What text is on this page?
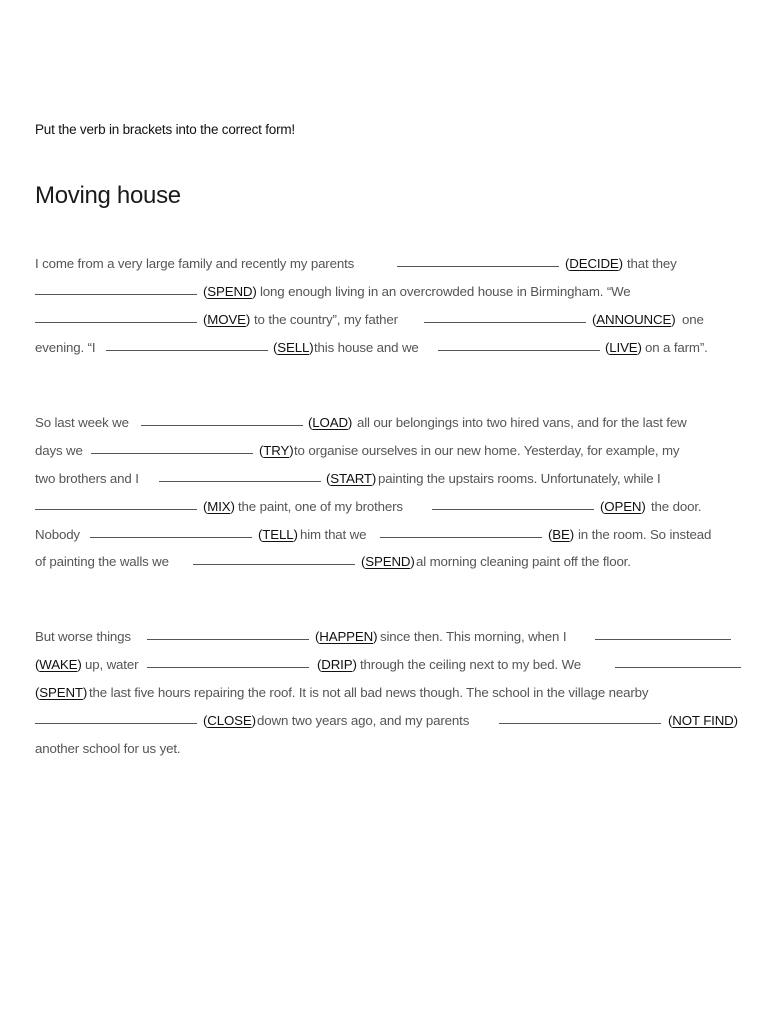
Put the verb in brackets into the correct form!
Moving house
I come from a very large family and recently my parents	(DECIDE) that they
(SPEND) long enough living in an overcrowded house in Birmingham. “We
(MOVE) to the country”, my father	(ANNOUNCE) one
evening. “I	(SELL) this house and we	(LIVE) on a farm”.
So last week we	(LOAD) all our belongings into two hired vans, and for the last few
days we	(TRY) to organise ourselves in our new home. Yesterday, for example, my
two brothers and I	(START) painting the upstairs rooms. Unfortunately, while I
(MIX) the paint, one of my brothers	(OPEN) the door.
Nobody	(TELL) him that we	(BE) in the room. So instead
of painting the walls we	(SPEND) al morning cleaning paint off the floor.
But worse things	(HAPPEN) since then. This morning, when I
(WAKE) up, water	(DRIP) through the ceiling next to my bed. We
(SPENT) the last five hours repairing the roof. It is not all bad news though. The school in the village nearby
(CLOSE) down two years ago, and my parents	(NOT FIND)
another school for us yet.
